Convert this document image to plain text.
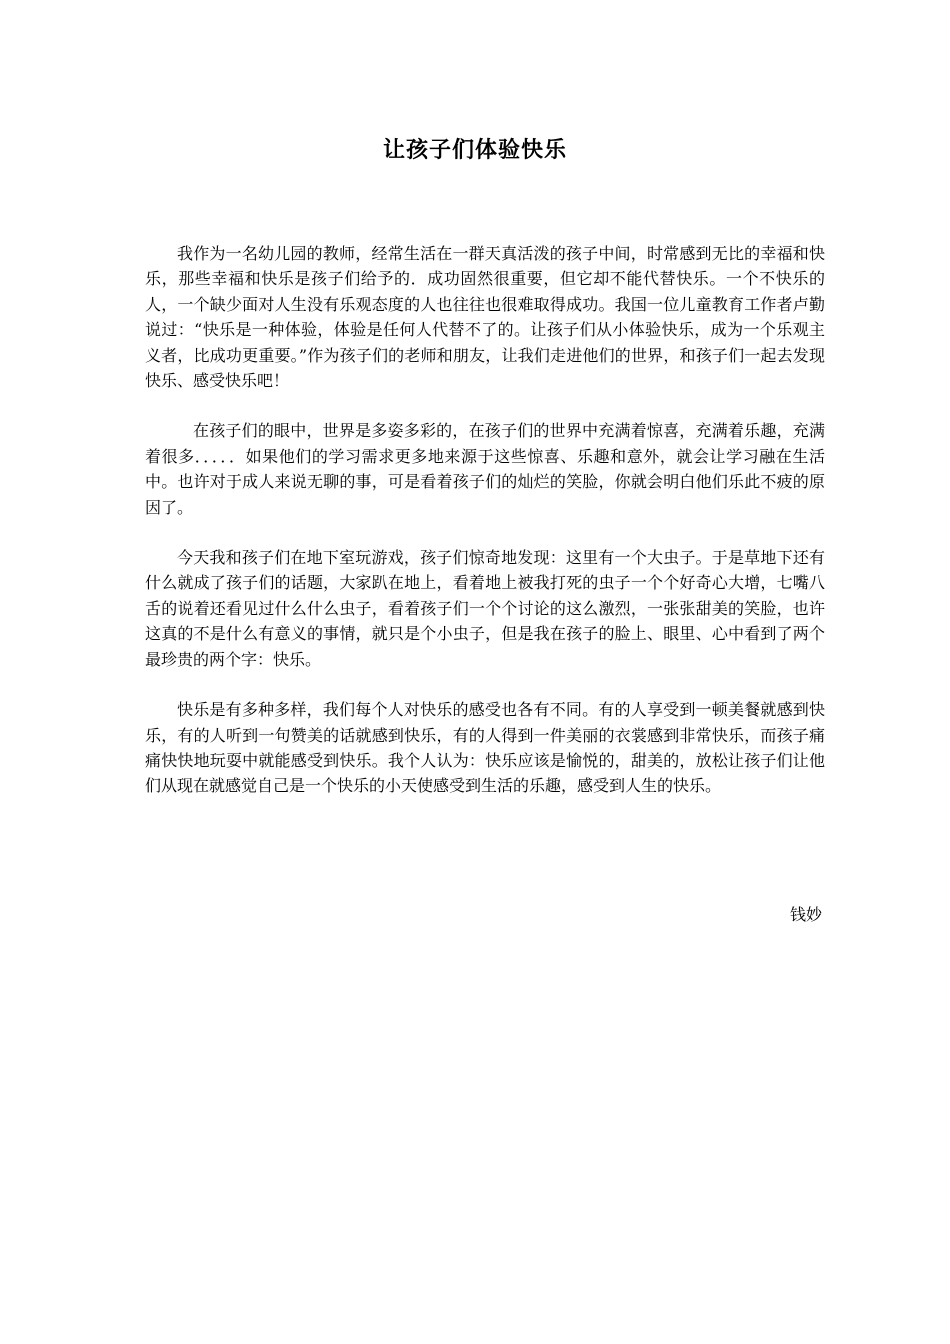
让孩子们体验快乐

我作为一名幼儿园的教师，经常生活在一群天真活泼的孩子中间，时常感到无比的幸福和快乐，那些幸福和快乐是孩子们给予的．成功固然很重要，但它却不能代替快乐。一个不快乐的人，一个缺少面对人生没有乐观态度的人也往往也很难取得成功。我国一位儿童教育工作者卢勤说过：“快乐是一种体验，体验是任何人代替不了的。让孩子们从小体验快乐，成为一个乐观主义者，比成功更重要。”作为孩子们的老师和朋友，让我们走进他们的世界，和孩子们一起去发现快乐、感受快乐吧！

在孩子们的眼中，世界是多姿多彩的，在孩子们的世界中充满着惊喜，充满着乐趣，充满着很多．．．．．如果他们的学习需求更多地来源于这些惊喜、乐趣和意外，就会让学习融在生活中。也许对于成人来说无聊的事，可是看着孩子们的灿烂的笑脸，你就会明白他们乐此不疲的原因了。

今天我和孩子们在地下室玩游戏，孩子们惊奇地发现：这里有一个大虫子。于是草地下还有什么就成了孩子们的话题，大家趴在地上，看着地上被我打死的虫子一个个好奇心大增，七嘴八舌的说着还看见过什么什么虫子，看着孩子们一个个讨论的这么激烈，一张张甜美的笑脸，也许这真的不是什么有意义的事情，就只是个小虫子，但是我在孩子的脸上、眼里、心中看到了两个最珍贵的两个字：快乐。

快乐是有多种多样，我们每个人对快乐的感受也各有不同。有的人享受到一顿美餐就感到快乐，有的人听到一句赞美的话就感到快乐，有的人得到一件美丽的衣裳感到非常快乐，而孩子痛痛快快地玩耍中就能感受到快乐。我个人认为：快乐应该是愉悦的，甜美的，放松让孩子们让他们从现在就感觉自己是一个快乐的小天使感受到生活的乐趣，感受到人生的快乐。

钱妙
